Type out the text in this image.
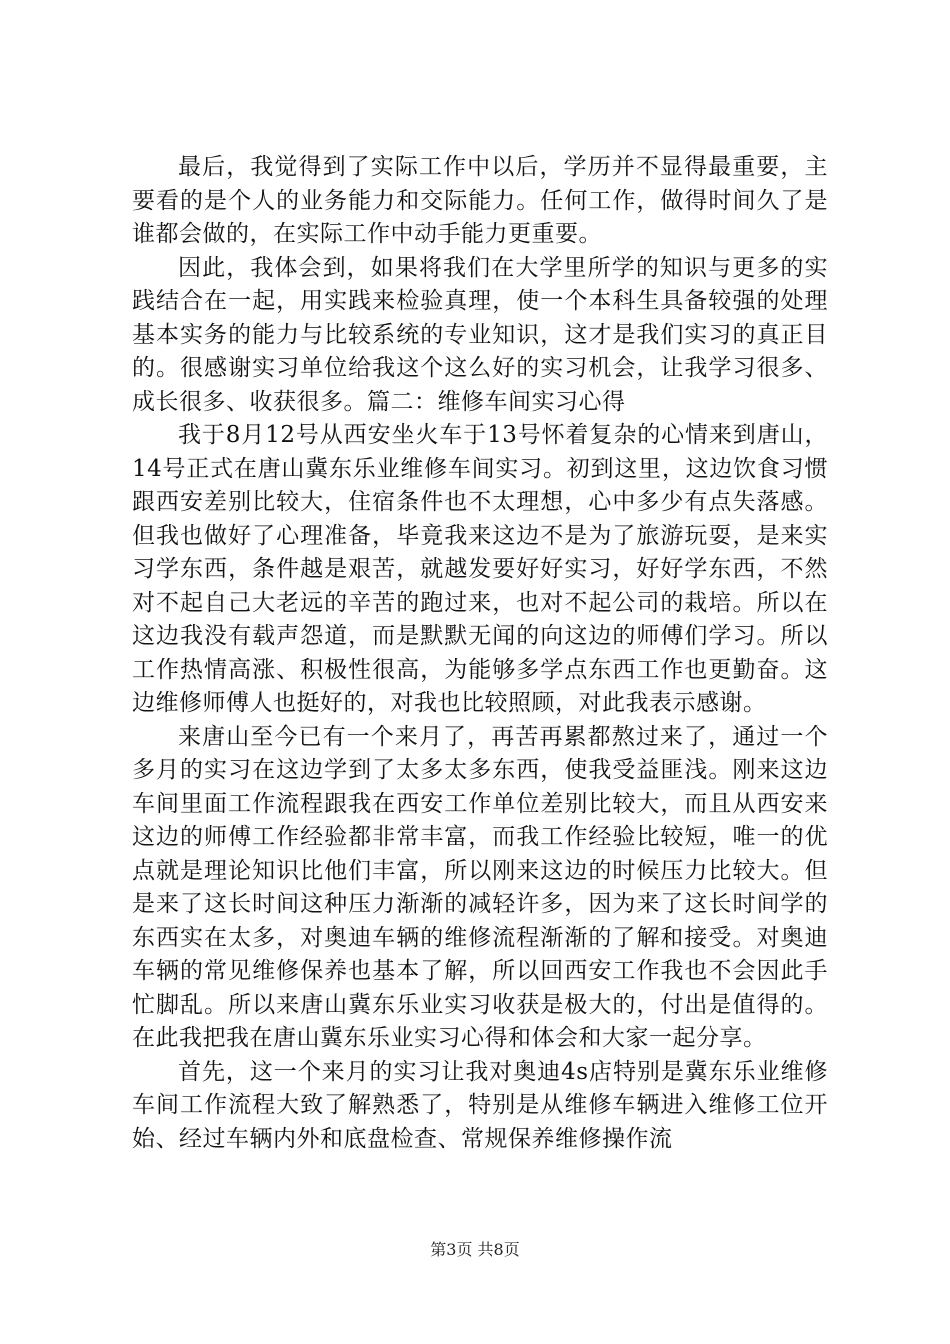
最后，我觉得到了实际工作中以后，学历并不显得最重要，主要看的是个人的业务能力和交际能力。任何工作，做得时间久了是谁都会做的，在实际工作中动手能力更重要。

因此，我体会到，如果将我们在大学里所学的知识与更多的实践结合在一起，用实践来检验真理，使一个本科生具备较强的处理基本实务的能力与比较系统的专业知识，这才是我们实习的真正目的。很感谢实习单位给我这个这么好的实习机会，让我学习很多、成长很多、收获很多。篇二：维修车间实习心得

我于8月12号从西安坐火车于13号怀着复杂的心情来到唐山，14号正式在唐山冀东乐业维修车间实习。初到这里，这边饮食习惯跟西安差别比较大，住宿条件也不太理想，心中多少有点失落感。但我也做好了心理准备，毕竟我来这边不是为了旅游玩耍，是来实习学东西，条件越是艰苦，就越发要好好实习，好好学东西，不然对不起自己大老远的辛苦的跑过来，也对不起公司的栽培。所以在这边我没有载声怨道，而是默默无闻的向这边的师傅们学习。所以工作热情高涨、积极性很高，为能够多学点东西工作也更勤奋。这边维修师傅人也挺好的，对我也比较照顾，对此我表示感谢。

来唐山至今已有一个来月了，再苦再累都熬过来了，通过一个多月的实习在这边学到了太多太多东西，使我受益匪浅。刚来这边车间里面工作流程跟我在西安工作单位差别比较大，而且从西安来这边的师傅工作经验都非常丰富，而我工作经验比较短，唯一的优点就是理论知识比他们丰富，所以刚来这边的时候压力比较大。但是来了这长时间这种压力渐渐的减轻许多，因为来了这长时间学的东西实在太多，对奥迪车辆的维修流程渐渐的了解和接受。对奥迪车辆的常见维修保养也基本了解，所以回西安工作我也不会因此手忙脚乱。所以来唐山冀东乐业实习收获是极大的，付出是值得的。在此我把我在唐山冀东乐业实习心得和体会和大家一起分享。

首先，这一个来月的实习让我对奥迪4s店特别是冀东乐业维修车间工作流程大致了解熟悉了，特别是从维修车辆进入维修工位开始、经过车辆内外和底盘检查、常规保养维修操作流

第3页 共8页
